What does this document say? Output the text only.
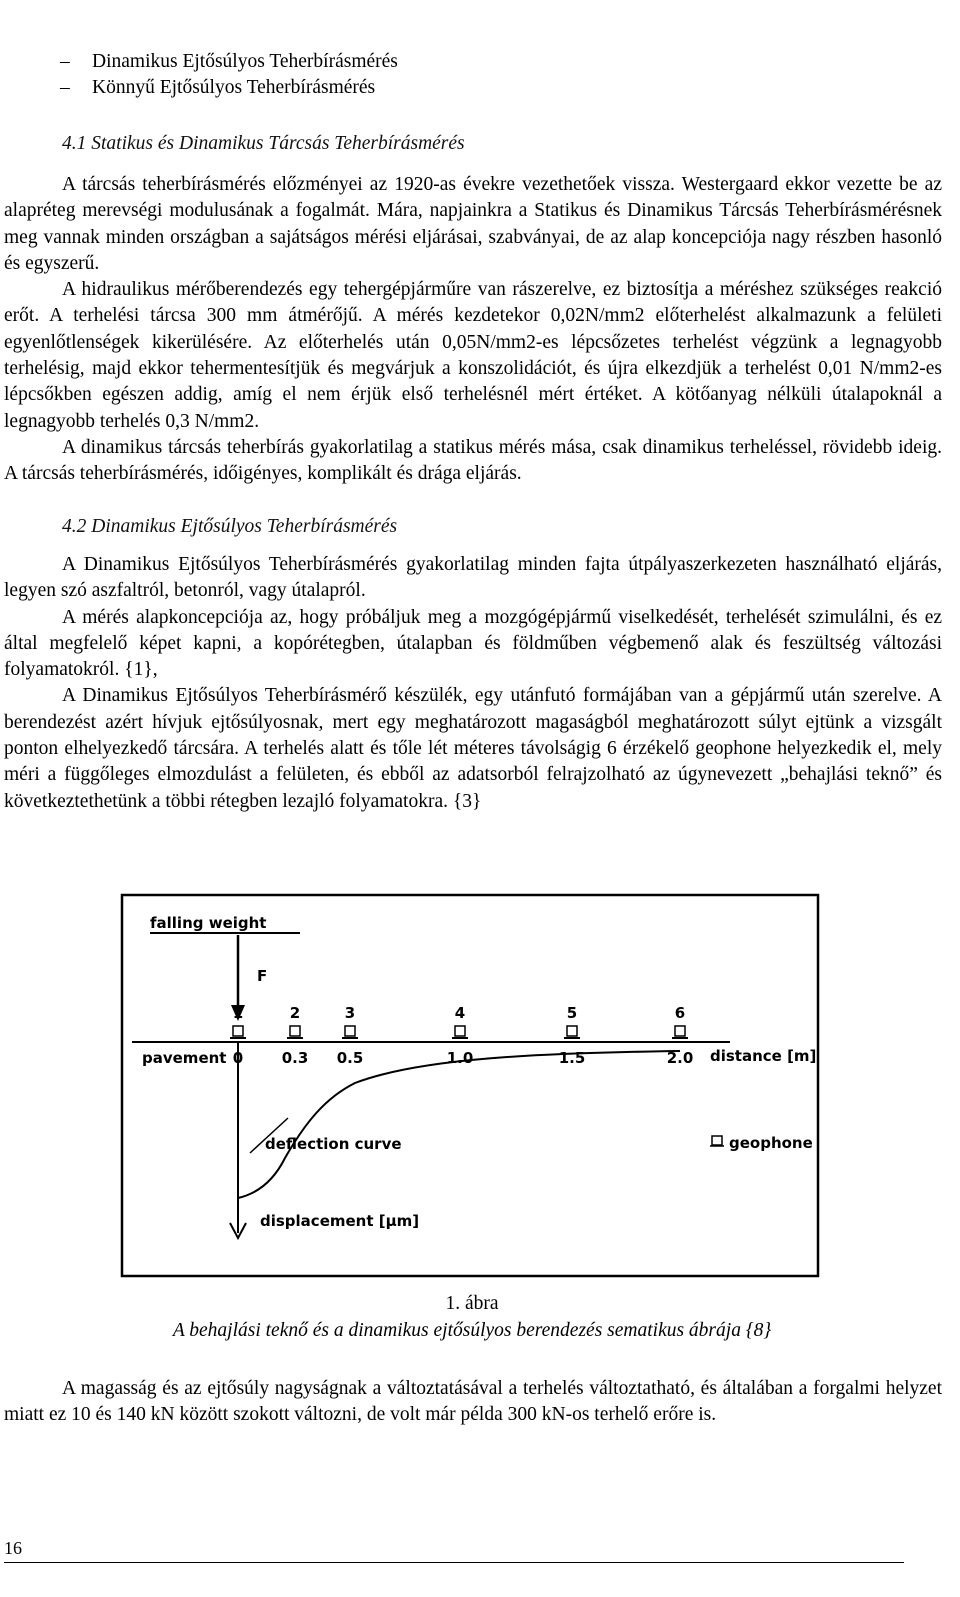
–	Dinamikus Ejtősúlyos Teherbírásmérés
–	Könnyű Ejtősúlyos Teherbírásmérés
4.1 Statikus és Dinamikus Tárcsás Teherbírásmérés

A tárcsás teherbírásmérés előzményei az 1920-as évekre vezethetőek vissza. Westergaard ekkor vezette be az alapréteg merevségi modulusának a fogalmát. Mára, napjainkra a Statikus és Dinamikus Tárcsás Teherbírásmérésnek meg vannak minden országban a sajátságos mérési eljárásai, szabványai, de az alap koncepciója nagy részben hasonló és egyszerű.

A hidraulikus mérőberendezés egy tehergépjárműre van rászerelve, ez biztosítja a méréshez szükséges reakció erőt. A terhelési tárcsa 300 mm átmérőjű. A mérés kezdetekor 0,02N/mm2 előterhelést alkalmazunk a felületi egyenlőtlenségek kikerülésére. Az előterhelés után 0,05N/mm2-es lépcsőzetes terhelést végzünk a legnagyobb terhelésig, majd ekkor tehermentesítjük és megvárjuk a konszolidációt, és újra elkezdjük a terhelést 0,01 N/mm2-es lépcsőkben egészen addig, amíg el nem érjük első terhelésnél mért értéket. A kötőanyag nélküli útalapoknál a legnagyobb terhelés 0,3 N/mm2.

A dinamikus tárcsás teherbírás gyakorlatilag a statikus mérés mása, csak dinamikus terheléssel, rövidebb ideig. A tárcsás teherbírásmérés, időigényes, komplikált és drága eljárás.

4.2 Dinamikus Ejtősúlyos Teherbírásmérés

A Dinamikus Ejtősúlyos Teherbírásmérés gyakorlatilag minden fajta útpályaszerkezeten használható eljárás, legyen szó aszfaltról, betonról, vagy útalapról.

A mérés alapkoncepciója az, hogy próbáljuk meg a mozgógépjármű viselkedését, terhelését szimulálni, és ez által megfelelő képet kapni, a kopórétegben, útalapban és földműben végbemenő alak és feszültség változási folyamatokról. {1},

A Dinamikus Ejtősúlyos Teherbírásmérő készülék, egy utánfutó formájában van a gépjármű után szerelve. A berendezést azért hívjuk ejtősúlyosnak, mert egy meghatározott magaságból meghatározott súlyt ejtünk a vizsgált ponton elhelyezkedő tárcsára. A terhelés alatt és tőle lét méteres távolságig 6 érzékelő geophone helyezkedik el, mely méri a függőleges elmozdulást a felületen, és ebből az adatsorból felrajzolható az úgynevezett „behajlási teknő” és következtethetünk a többi rétegben lezajló folyamatokra. {3}

falling weight
F
pavement	distance [m]
displacement [μm]
deflection curve	geophone
1
0
2
0.3
3
0.5
4
1.0
5
1.5
6
2.0
1. ábra
A behajlási teknő és a dinamikus ejtősúlyos berendezés sematikus ábrája {8}

A magasság és az ejtősúly nagyságnak a változtatásával a terhelés változtatható, és általában a forgalmi helyzet miatt ez 10 és 140 kN között szokott változni, de volt már példa 300 kN-os terhelő erőre is.

16
